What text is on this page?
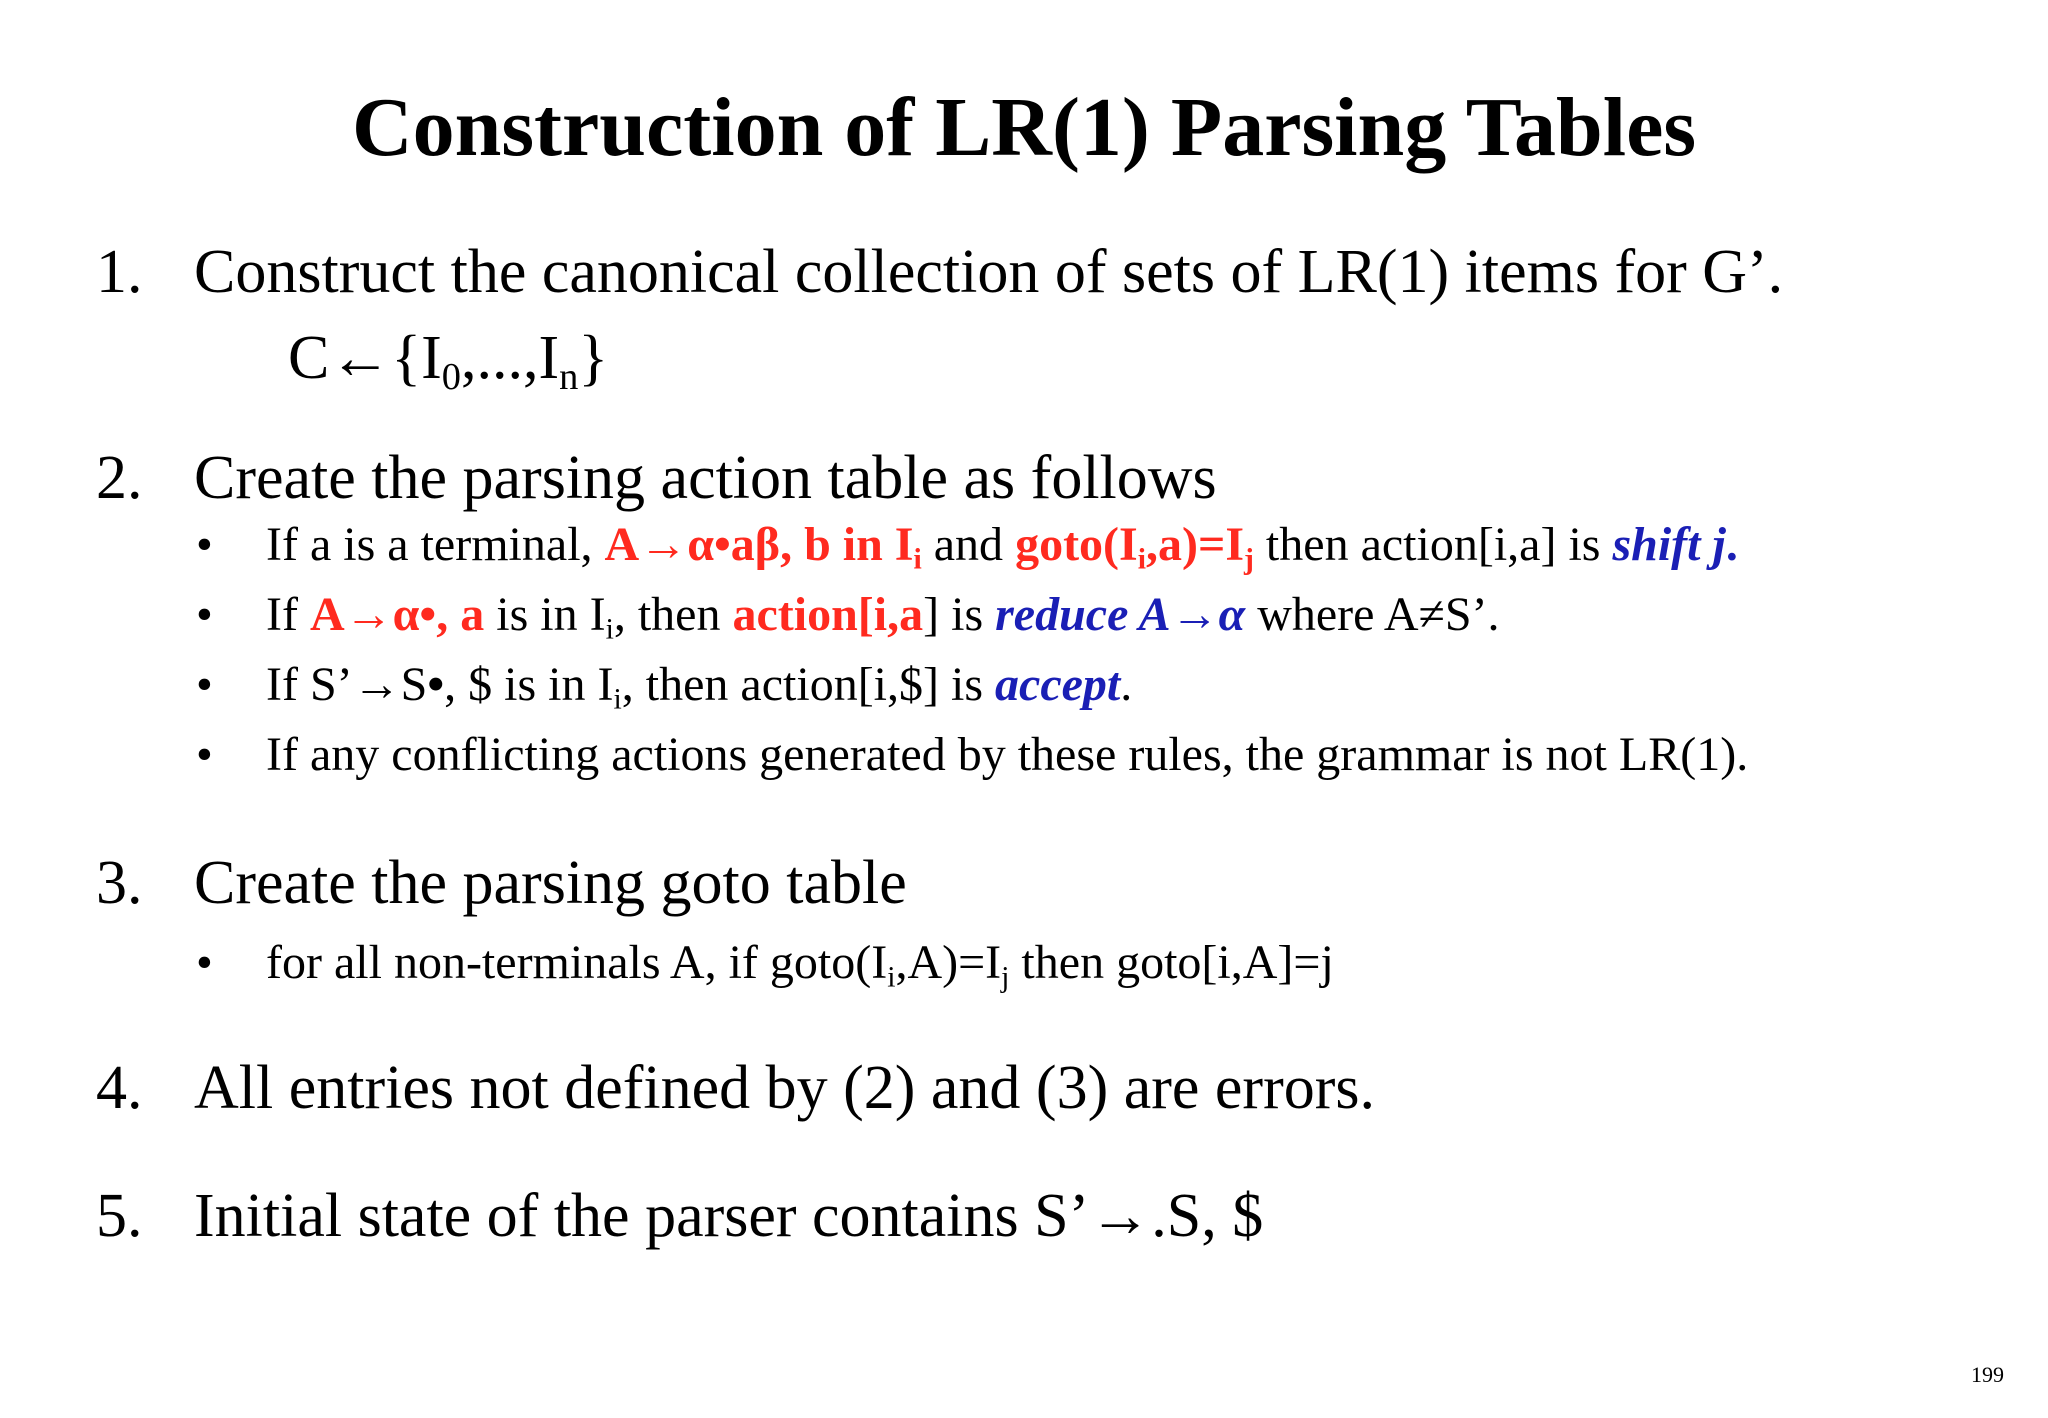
Construction of LR(1) Parsing Tables
1. Construct the canonical collection of sets of LR(1) items for G’.
$C\leftarrow\{I_0,...,I_n\}$
2. Create the parsing action table as follows
• If a is a terminal, A→α•aβ, b in $I_i$ and $goto(I_i,a)=I_j$ then action[i,a] is shift j.
• If A→α•, a is in $I_i$, then action[i,a] is reduce A→α where A≠S’.
• If S’→S•, $ is in $I_i$, then action[i,$] is accept.
• If any conflicting actions generated by these rules, the grammar is not LR(1).
3. Create the parsing goto table
• for all non-terminals A, if $goto(I_i,A)=I_j$ then goto[i,A]=j
4. All entries not defined by (2) and (3) are errors.
5. Initial state of the parser contains S’→.S, $
199
